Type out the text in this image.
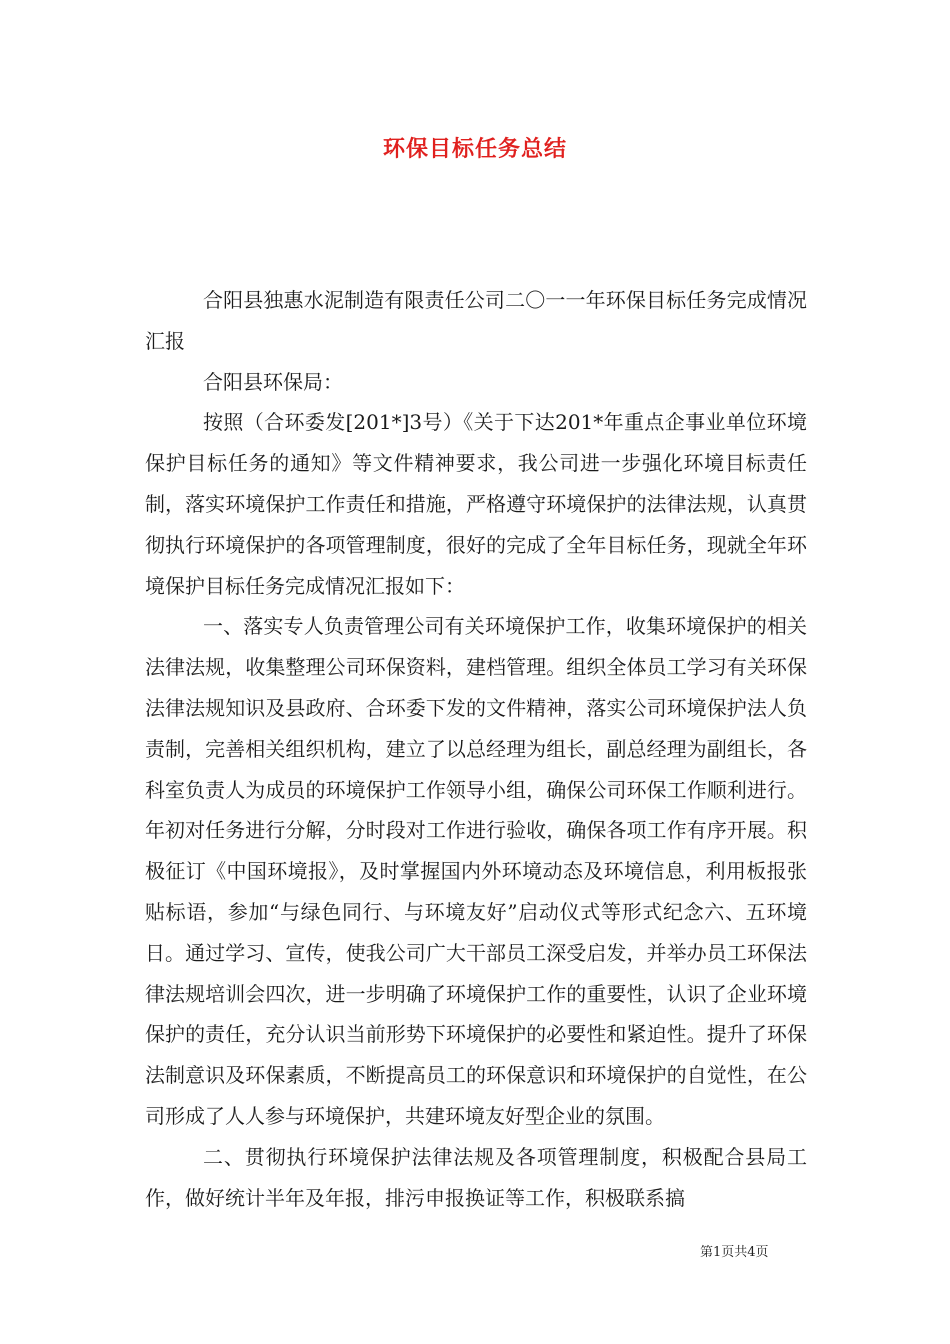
环保目标任务总结

合阳县独惠水泥制造有限责任公司二〇一一年环保目标任务完成情况汇报

合阳县环保局：

按照（合环委发[201*]3号）《关于下达201*年重点企事业单位环境保护目标任务的通知》等文件精神要求，我公司进一步强化环境目标责任制，落实环境保护工作责任和措施，严格遵守环境保护的法律法规，认真贯彻执行环境保护的各项管理制度，很好的完成了全年目标任务，现就全年环境保护目标任务完成情况汇报如下：

一、落实专人负责管理公司有关环境保护工作，收集环境保护的相关法律法规，收集整理公司环保资料，建档管理。组织全体员工学习有关环保法律法规知识及县政府、合环委下发的文件精神，落实公司环境保护法人负责制，完善相关组织机构，建立了以总经理为组长，副总经理为副组长，各科室负责人为成员的环境保护工作领导小组，确保公司环保工作顺利进行。年初对任务进行分解，分时段对工作进行验收，确保各项工作有序开展。积极征订《中国环境报》，及时掌握国内外环境动态及环境信息，利用板报张贴标语，参加“与绿色同行、与环境友好”启动仪式等形式纪念六、五环境日。通过学习、宣传，使我公司广大干部员工深受启发，并举办员工环保法律法规培训会四次，进一步明确了环境保护工作的重要性，认识了企业环境保护的责任，充分认识当前形势下环境保护的必要性和紧迫性。提升了环保法制意识及环保素质，不断提高员工的环保意识和环境保护的自觉性，在公司形成了人人参与环境保护，共建环境友好型企业的氛围。

二、贯彻执行环境保护法律法规及各项管理制度，积极配合县局工作，做好统计半年及年报，排污申报换证等工作，积极联系搞

第1页共4页
